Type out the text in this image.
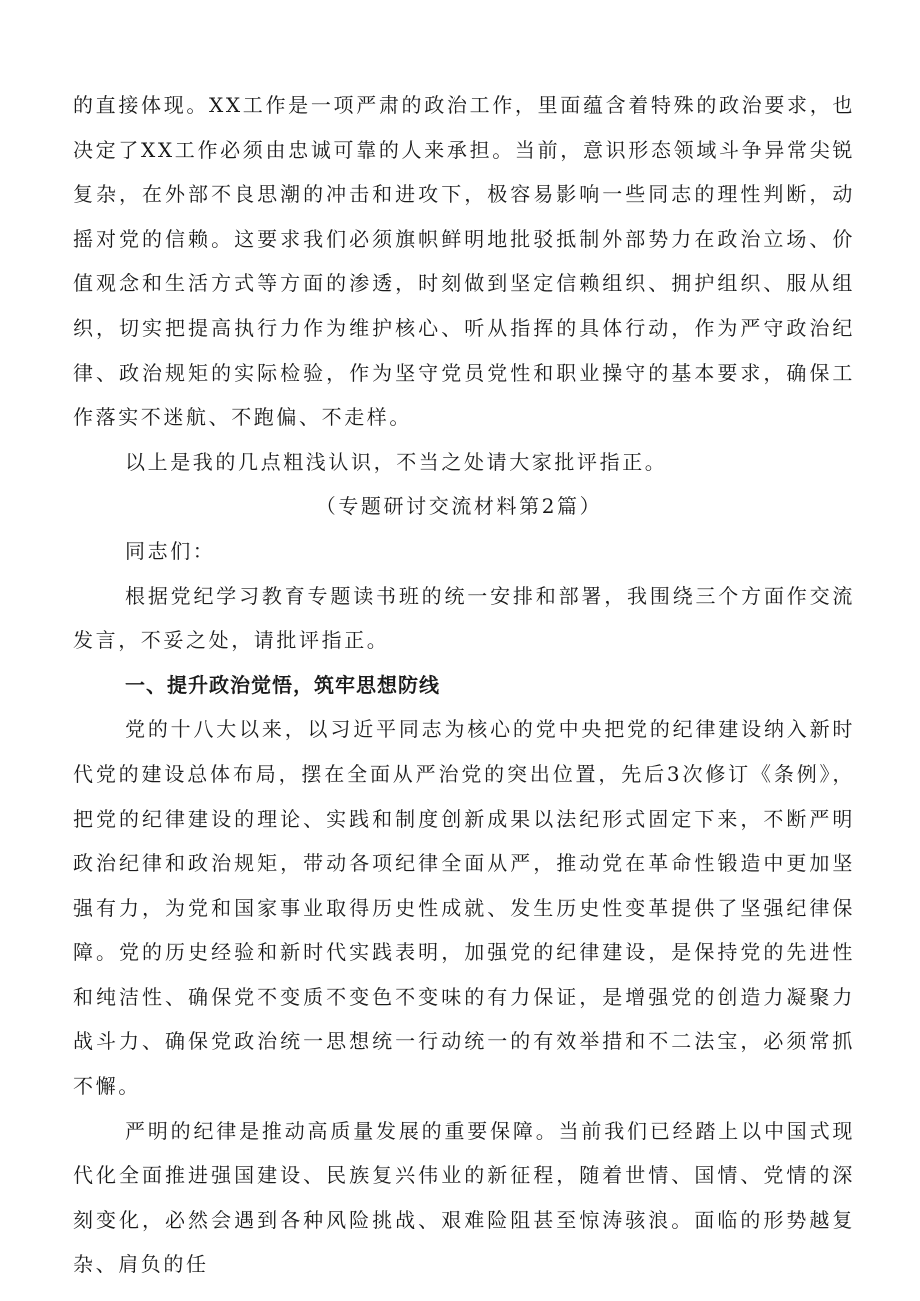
的直接体现。XX工作是一项严肃的政治工作，里面蕴含着特殊的政治要求，也决定了XX工作必须由忠诚可靠的人来承担。当前，意识形态领域斗争异常尖锐复杂，在外部不良思潮的冲击和进攻下，极容易影响一些同志的理性判断，动摇对党的信赖。这要求我们必须旗帜鲜明地批驳抵制外部势力在政治立场、价值观念和生活方式等方面的渗透，时刻做到坚定信赖组织、拥护组织、服从组织，切实把提高执行力作为维护核心、听从指挥的具体行动，作为严守政治纪律、政治规矩的实际检验，作为坚守党员党性和职业操守的基本要求，确保工作落实不迷航、不跑偏、不走样。

以上是我的几点粗浅认识，不当之处请大家批评指正。

（专题研讨交流材料第2篇）

同志们：

根据党纪学习教育专题读书班的统一安排和部署，我围绕三个方面作交流发言，不妥之处，请批评指正。

一、提升政治觉悟，筑牢思想防线

党的十八大以来，以习近平同志为核心的党中央把党的纪律建设纳入新时代党的建设总体布局，摆在全面从严治党的突出位置，先后3次修订《条例》，把党的纪律建设的理论、实践和制度创新成果以法纪形式固定下来，不断严明政治纪律和政治规矩，带动各项纪律全面从严，推动党在革命性锻造中更加坚强有力，为党和国家事业取得历史性成就、发生历史性变革提供了坚强纪律保障。党的历史经验和新时代实践表明，加强党的纪律建设，是保持党的先进性和纯洁性、确保党不变质不变色不变味的有力保证，是增强党的创造力凝聚力战斗力、确保党政治统一思想统一行动统一的有效举措和不二法宝，必须常抓不懈。

严明的纪律是推动高质量发展的重要保障。当前我们已经踏上以中国式现代化全面推进强国建设、民族复兴伟业的新征程，随着世情、国情、党情的深刻变化，必然会遇到各种风险挑战、艰难险阻甚至惊涛骇浪。面临的形势越复杂、肩负的任
